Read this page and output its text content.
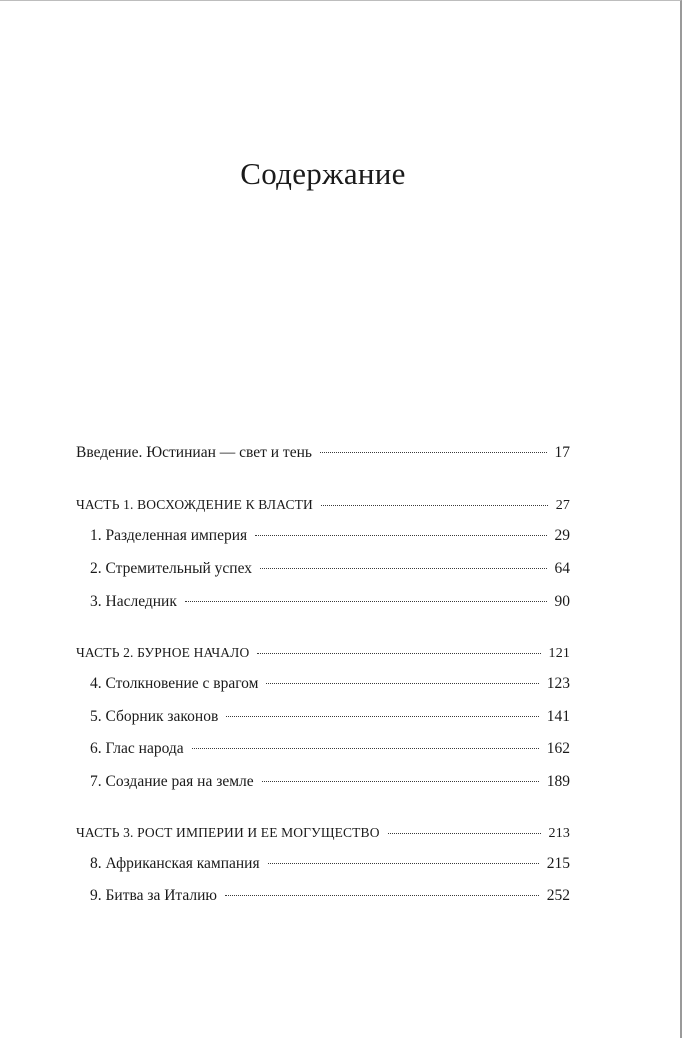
Содержание
Введение. Юстиниан — свет и тень	17
ЧАСТЬ 1. ВОСХОЖДЕНИЕ К ВЛАСТИ	27
1. Разделенная империя	29
2. Стремительный успех	64
3. Наследник	90
ЧАСТЬ 2. БУРНОЕ НАЧАЛО	121
4. Столкновение с врагом	123
5. Сборник законов	141
6. Глас народа	162
7. Создание рая на земле	189
ЧАСТЬ 3. РОСТ ИМПЕРИИ И ЕЕ МОГУЩЕСТВО	213
8. Африканская кампания	215
9. Битва за Италию	252
